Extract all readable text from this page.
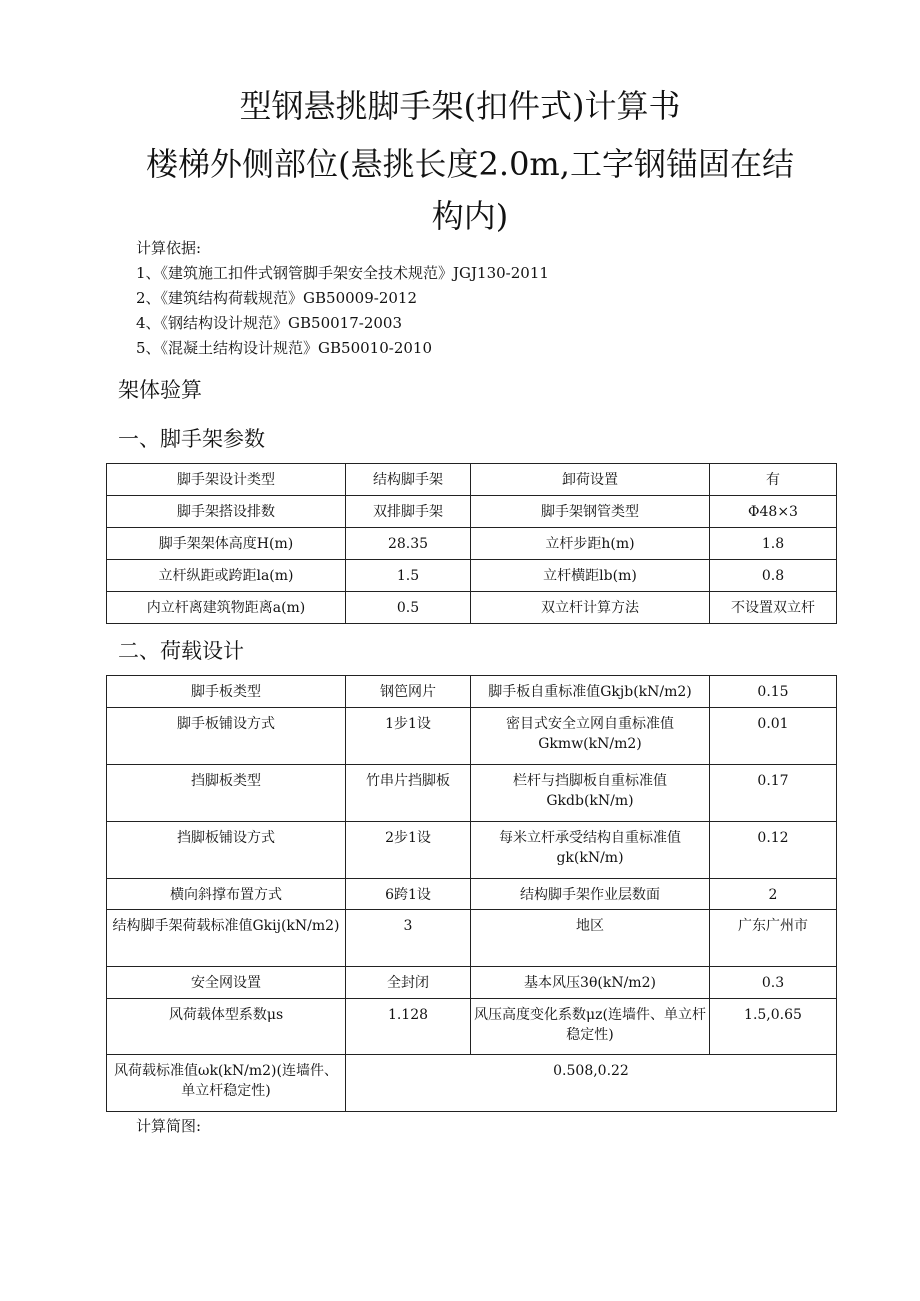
型钢悬挑脚手架(扣件式)计算书
楼梯外侧部位(悬挑长度2.0m,工字钢锚固在结构内)
计算依据:
1、《建筑施工扣件式钢管脚手架安全技术规范》JGJ130-2011
2、《建筑结构荷载规范》GB50009-2012
4、《钢结构设计规范》GB50017-2003
5、《混凝土结构设计规范》GB50010-2010
架体验算
一、脚手架参数
脚手架设计类型	结构脚手架	卸荷设置	有
脚手架搭设排数	双排脚手架	脚手架钢管类型	Φ48×3
脚手架架体高度H(m)	28.35	立杆步距h(m)	1.8
立杆纵距或跨距la(m)	1.5	立杆横距lb(m)	0.8
内立杆离建筑物距离a(m)	0.5	双立杆计算方法	不设置双立杆
二、荷载设计
脚手板类型	钢笆网片	脚手板自重标准值Gkjb(kN/m2)	0.15
脚手板铺设方式	1步1设	密目式安全立网自重标准值Gkmw(kN/m2)	0.01
挡脚板类型	竹串片挡脚板	栏杆与挡脚板自重标准值Gkdb(kN/m)	0.17
挡脚板铺设方式	2步1设	每米立杆承受结构自重标准值gk(kN/m)	0.12
横向斜撑布置方式	6跨1设	结构脚手架作业层数面	2
结构脚手架荷载标准值Gkij(kN/m2)	3	地区	广东广州市
安全网设置	全封闭	基本风压3θ(kN/m2)	0.3
风荷载体型系数μs	1.128	风压高度变化系数μz(连墙件、单立杆稳定性)	1.5,0.65
风荷载标准值ωk(kN/m2)(连墙件、单立杆稳定性)	0.508,0.22		
计算简图:
